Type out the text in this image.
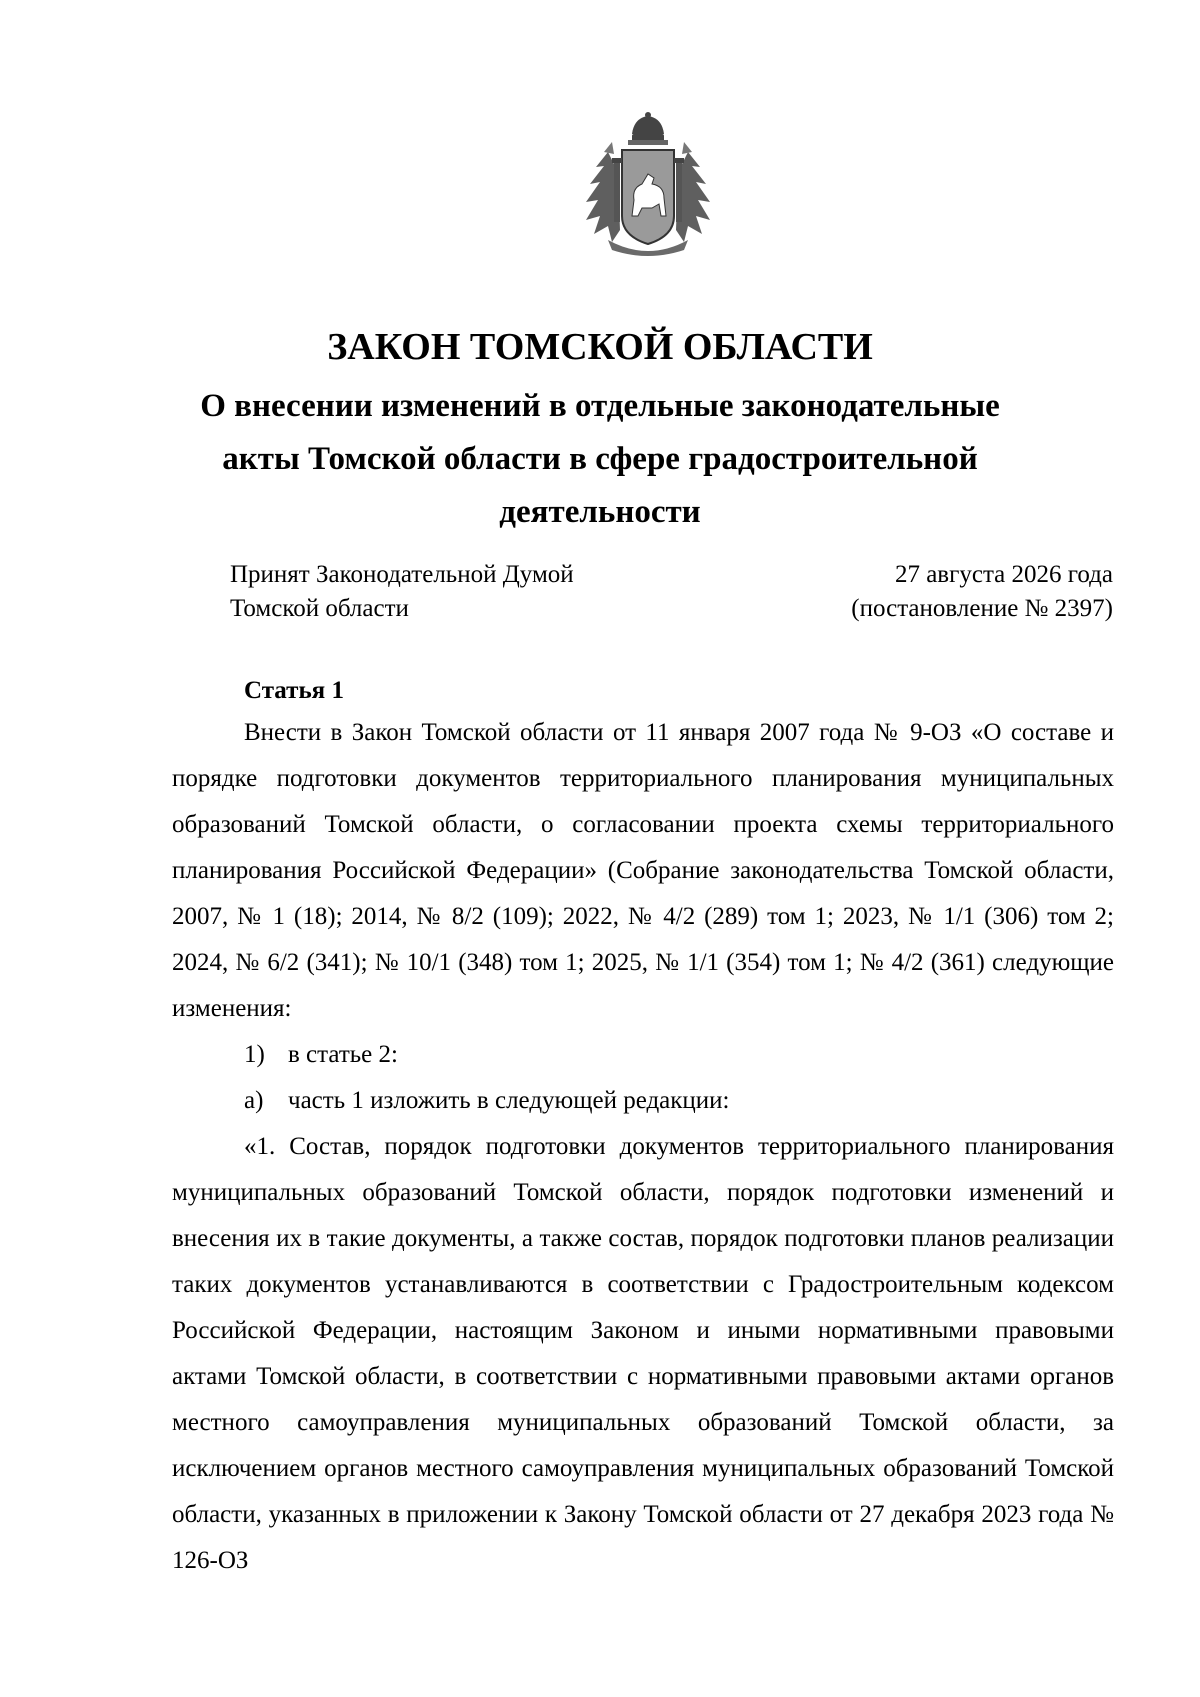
ЗАКОН ТОМСКОЙ ОБЛАСТИ
О внесении изменений в отдельные законодательные акты Томской области в сфере градостроительной деятельности
Принят Законодательной Думой
Томской области
27 августа 2026 года
(постановление № 2397)
Статья 1

Внести в Закон Томской области от 11 января 2007 года № 9-ОЗ «О составе и порядке подготовки документов территориального планирования муниципальных образований Томской области, о согласовании проекта схемы территориального планирования Российской Федерации» (Собрание законодательства Томской области, 2007, № 1 (18); 2014, № 8/2 (109); 2022, № 4/2 (289) том 1; 2023, № 1/1 (306) том 2; 2024, № 6/2 (341); № 10/1 (348) том 1; 2025, № 1/1 (354) том 1; № 4/2 (361) следующие изменения:

1) в статье 2:

а) часть 1 изложить в следующей редакции:

«1. Состав, порядок подготовки документов территориального планирования муниципальных образований Томской области, порядок подготовки изменений и внесения их в такие документы, а также состав, порядок подготовки планов реализации таких документов устанавливаются в соответствии с Градостроительным кодексом Российской Федерации, настоящим Законом и иными нормативными правовыми актами Томской области, в соответствии с нормативными правовыми актами органов местного самоуправления муниципальных образований Томской области, за исключением органов местного самоуправления муниципальных образований Томской области, указанных в приложении к Закону Томской области от 27 декабря 2023 года № 126-ОЗ
